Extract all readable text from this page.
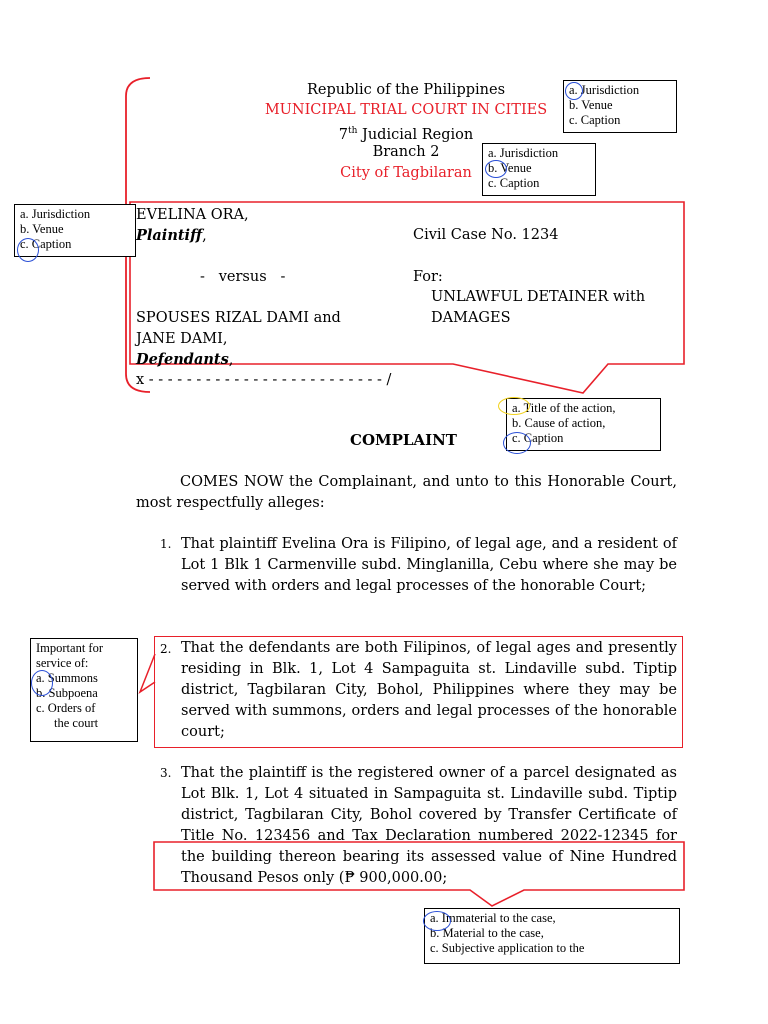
Republic of the Philippines
MUNICIPAL TRIAL COURT IN CITIES
7th Judicial Region
Branch 2
City of Tagbilaran
EVELINA ORA,
Plaintiff,	Civil Case No. 1234
-   versus   -	For:
UNLAWFUL DETAINER with
DAMAGES
SPOUSES RIZAL DAMI and
JANE DAMI,
Defendants,
x - - - - - - - - - - - - - - - - - - - - - - - - - /
COMPLAINT
COMES NOW the Complainant, and unto to this Honorable Court, most respectfully alleges:
1. That plaintiff Evelina Ora is Filipino, of legal age, and a resident of Lot 1 Blk 1 Carmenville subd. Minglanilla, Cebu where she may be served with orders and legal processes of the honorable Court;
2. That the defendants are both Filipinos, of legal ages and presently residing in Blk. 1, Lot 4 Sampaguita st. Lindaville subd. Tiptip district, Tagbilaran City, Bohol, Philippines where they may be served with summons, orders and legal processes of the honorable court;
3. That the plaintiff is the registered owner of a parcel designated as Lot Blk. 1, Lot 4 situated in Sampaguita st. Lindaville subd. Tiptip district, Tagbilaran City, Bohol covered by Transfer Certificate of Title No. 123456 and Tax Declaration numbered 2022-12345 for the building thereon bearing its assessed value of Nine Hundred Thousand Pesos only (₱ 900,000.00;
a. Jurisdiction
b. Venue
c. Caption
a. Jurisdiction
b. Venue
c. Caption
a. Jurisdiction
b. Venue
c. Caption
a. Title of the action,
b. Cause of action,
c. Caption
Important for
service of:
a. Summons
b. Subpoena
c. Orders of
the court
a. Immaterial to the case,
b. Material to the case,
c. Subjective application to the
